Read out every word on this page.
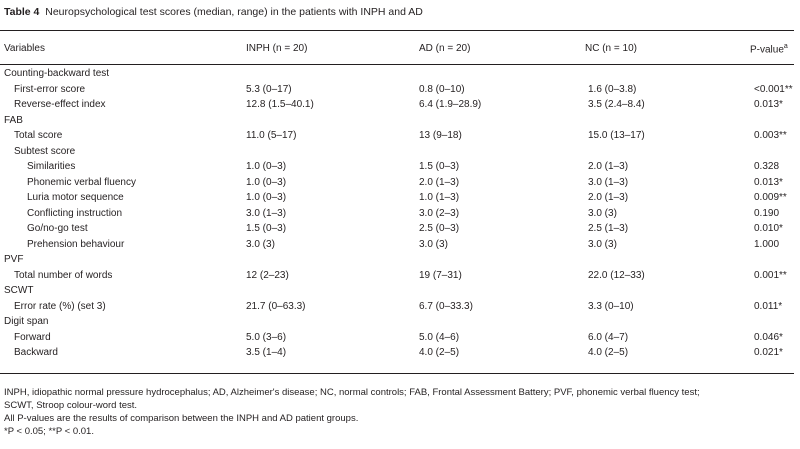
Table 4 Neuropsychological test scores (median, range) in the patients with INPH and AD
Variables	INPH (n = 20)	AD (n = 20)	NC (n = 10)	P-value$^a$
Counting-backward test
First-error score	5.3 (0–17)	0.8 (0–10)	1.6 (0–3.8)	<0.001**
Reverse-effect index	12.8 (1.5–40.1)	6.4 (1.9–28.9)	3.5 (2.4–8.4)	0.013*
FAB
Total score	11.0 (5–17)	13 (9–18)	15.0 (13–17)	0.003**
Subtest score
Similarities	1.0 (0–3)	1.5 (0–3)	2.0 (1–3)	0.328
Phonemic verbal fluency	1.0 (0–3)	2.0 (1–3)	3.0 (1–3)	0.013*
Luria motor sequence	1.0 (0–3)	1.0 (1–3)	2.0 (1–3)	0.009**
Conflicting instruction	3.0 (1–3)	3.0 (2–3)	3.0 (3)	0.190
Go/no-go test	1.5 (0–3)	2.5 (0–3)	2.5 (1–3)	0.010*
Prehension behaviour	3.0 (3)	3.0 (3)	3.0 (3)	1.000
PVF
Total number of words	12 (2–23)	19 (7–31)	22.0 (12–33)	0.001**
SCWT
Error rate (%) (set 3)	21.7 (0–63.3)	6.7 (0–33.3)	3.3 (0–10)	0.011*
Digit span
Forward	5.0 (3–6)	5.0 (4–6)	6.0 (4–7)	0.046*
Backward	3.5 (1–4)	4.0 (2–5)	4.0 (2–5)	0.021*
INPH, idiopathic normal pressure hydrocephalus; AD, Alzheimer's disease; NC, normal controls; FAB, Frontal Assessment Battery; PVF, phonemic verbal fluency test;
SCWT, Stroop colour-word test.
All P-values are the results of comparison between the INPH and AD patient groups.
*P < 0.05; **P < 0.01.
